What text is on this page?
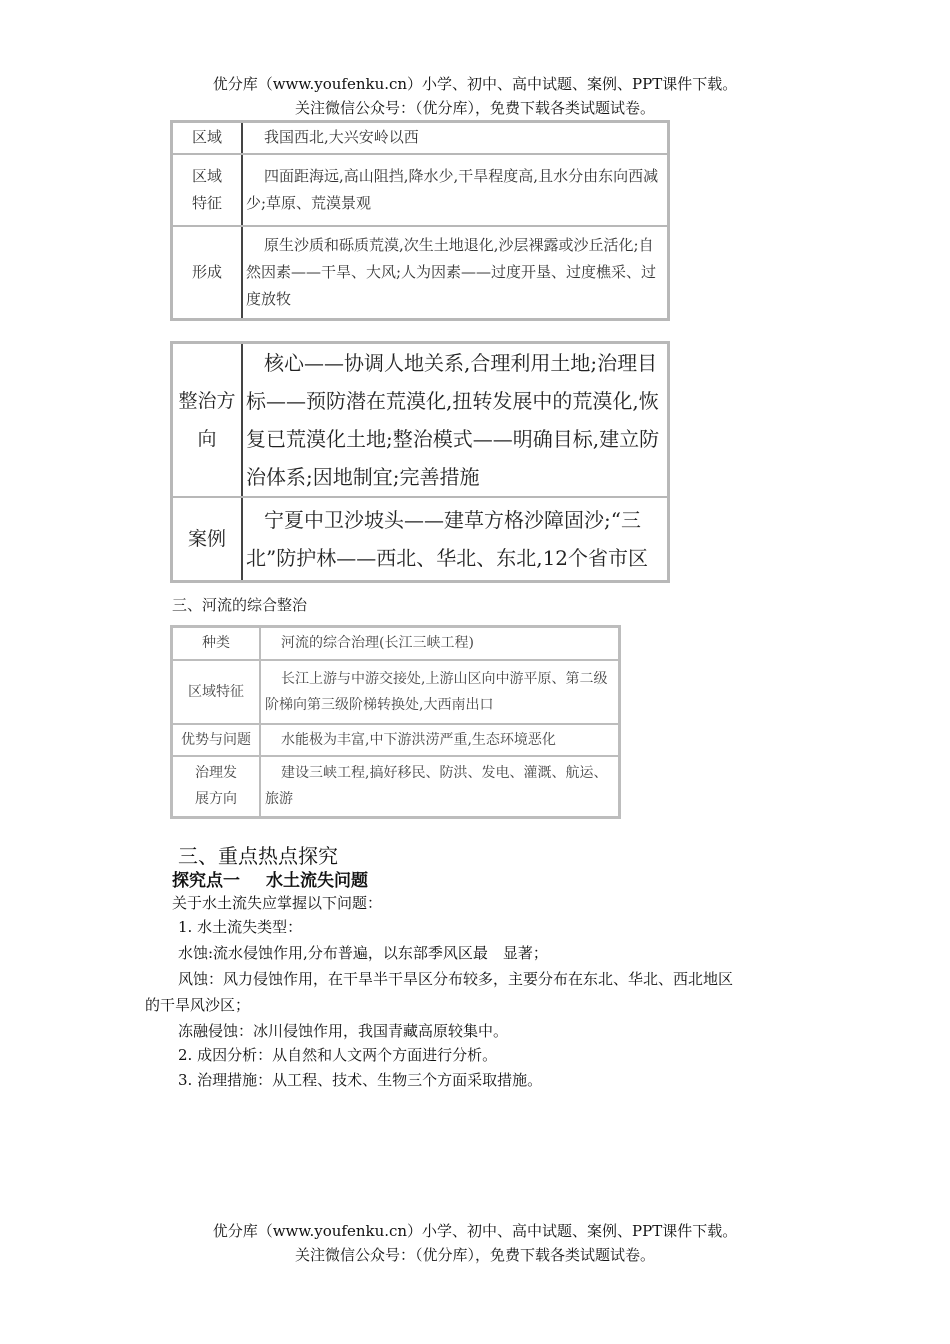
优分库（www.youfenku.cn）小学、初中、高中试题、案例、PPT课件下载。
关注微信公众号：（优分库），免费下载各类试题试卷。
区域	我国西北,大兴安岭以西
区域特征	四面距海远,高山阻挡,降水少,干旱程度高,且水分由东向西减少;草原、荒漠景观
形成	原生沙质和砾质荒漠,次生土地退化,沙层裸露或沙丘活化;自然因素——干旱、大风;人为因素——过度开垦、过度樵采、过度放牧
整治方向	核心——协调人地关系,合理利用土地;治理目标——预防潜在荒漠化,扭转发展中的荒漠化,恢复已荒漠化土地;整治模式——明确目标,建立防治体系;因地制宜;完善措施
案例	宁夏中卫沙坡头——建草方格沙障固沙;“三北”防护林——西北、华北、东北,12个省市区
三、河流的综合整治
种类	河流的综合治理(长江三峡工程)
区域特征	长江上游与中游交接处,上游山区向中游平原、第二级阶梯向第三级阶梯转换处,大西南出口
优势与问题	水能极为丰富,中下游洪涝严重,生态环境恶化
治理发展方向	建设三峡工程,搞好移民、防洪、发电、灌溉、航运、旅游
三、重点热点探究
探究点一 水土流失问题
关于水土流失应掌握以下问题：
1. 水土流失类型：
水蚀:流水侵蚀作用,分布普遍，以东部季风区最　显著；
风蚀：风力侵蚀作用，在干旱半干旱区分布较多，主要分布在东北、华北、西北地区
的干旱风沙区；
冻融侵蚀：冰川侵蚀作用，我国青藏高原较集中。
2. 成因分析：从自然和人文两个方面进行分析。
3. 治理措施：从工程、技术、生物三个方面采取措施。
优分库（www.youfenku.cn）小学、初中、高中试题、案例、PPT课件下载。
关注微信公众号：（优分库），免费下载各类试题试卷。
